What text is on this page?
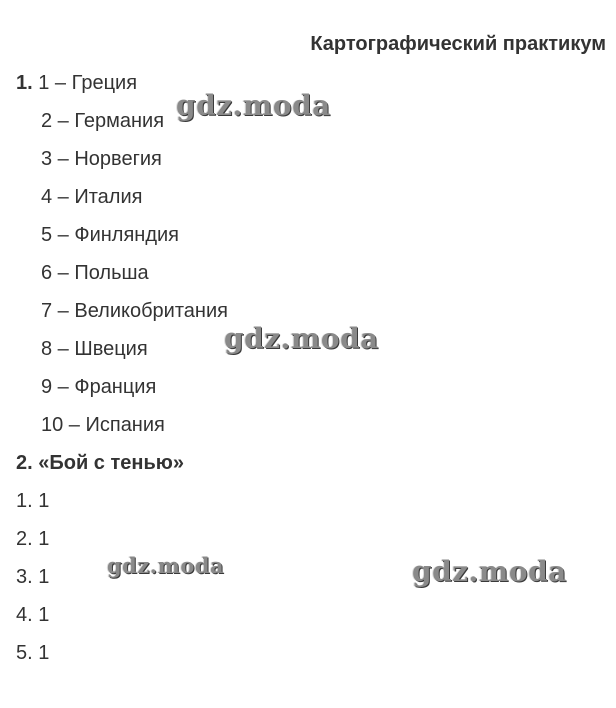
Картографический практикум
1. 1 – Греция
2 – Германия
3 – Норвегия
4 – Италия
5 – Финляндия
6 – Польша
7 – Великобритания
8 – Швеция
9 – Франция
10 – Испания
2. «Бой с тенью»
1. 1
2. 1
3. 1
4. 1
5. 1
gdz.moda
gdz.moda
gdz.moda	gdz.moda
